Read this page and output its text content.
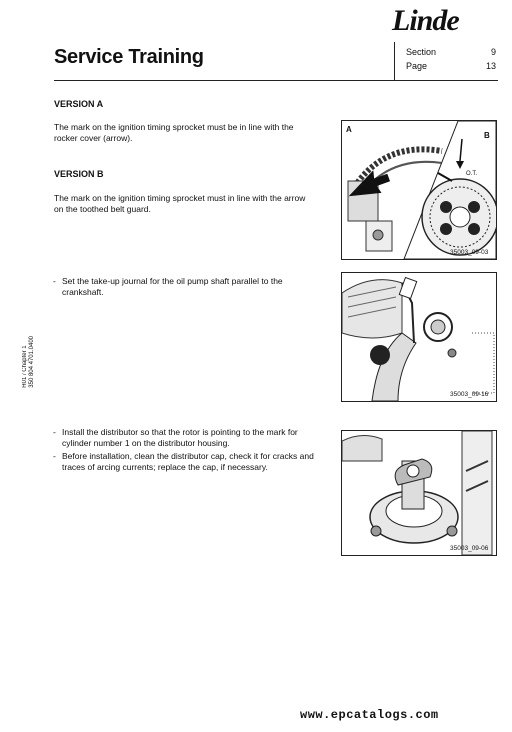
Linde
Service Training	Section	9
Page	13
H01 / Chapter 1 350 804 4701.0400
VERSION A
The mark on the ignition timing sprocket must be in line with the rocker cover (arrow).
VERSION B
The mark on the ignition timing sprocket must in line with the arrow on the toothed belt guard.
- Set the take-up journal for the oil pump shaft parallel to the crankshaft.
- Install the distributor so that the rotor is pointing to the mark for cylinder number 1 on the distributor housing.
- Before installation, clean the distributor cap, check it for cracks and traces of arcing currents; replace the cap, if necessary.
A
B
O.T.
35003_09-03
35003_09-16
35003_09-06
www.epcatalogs.com
